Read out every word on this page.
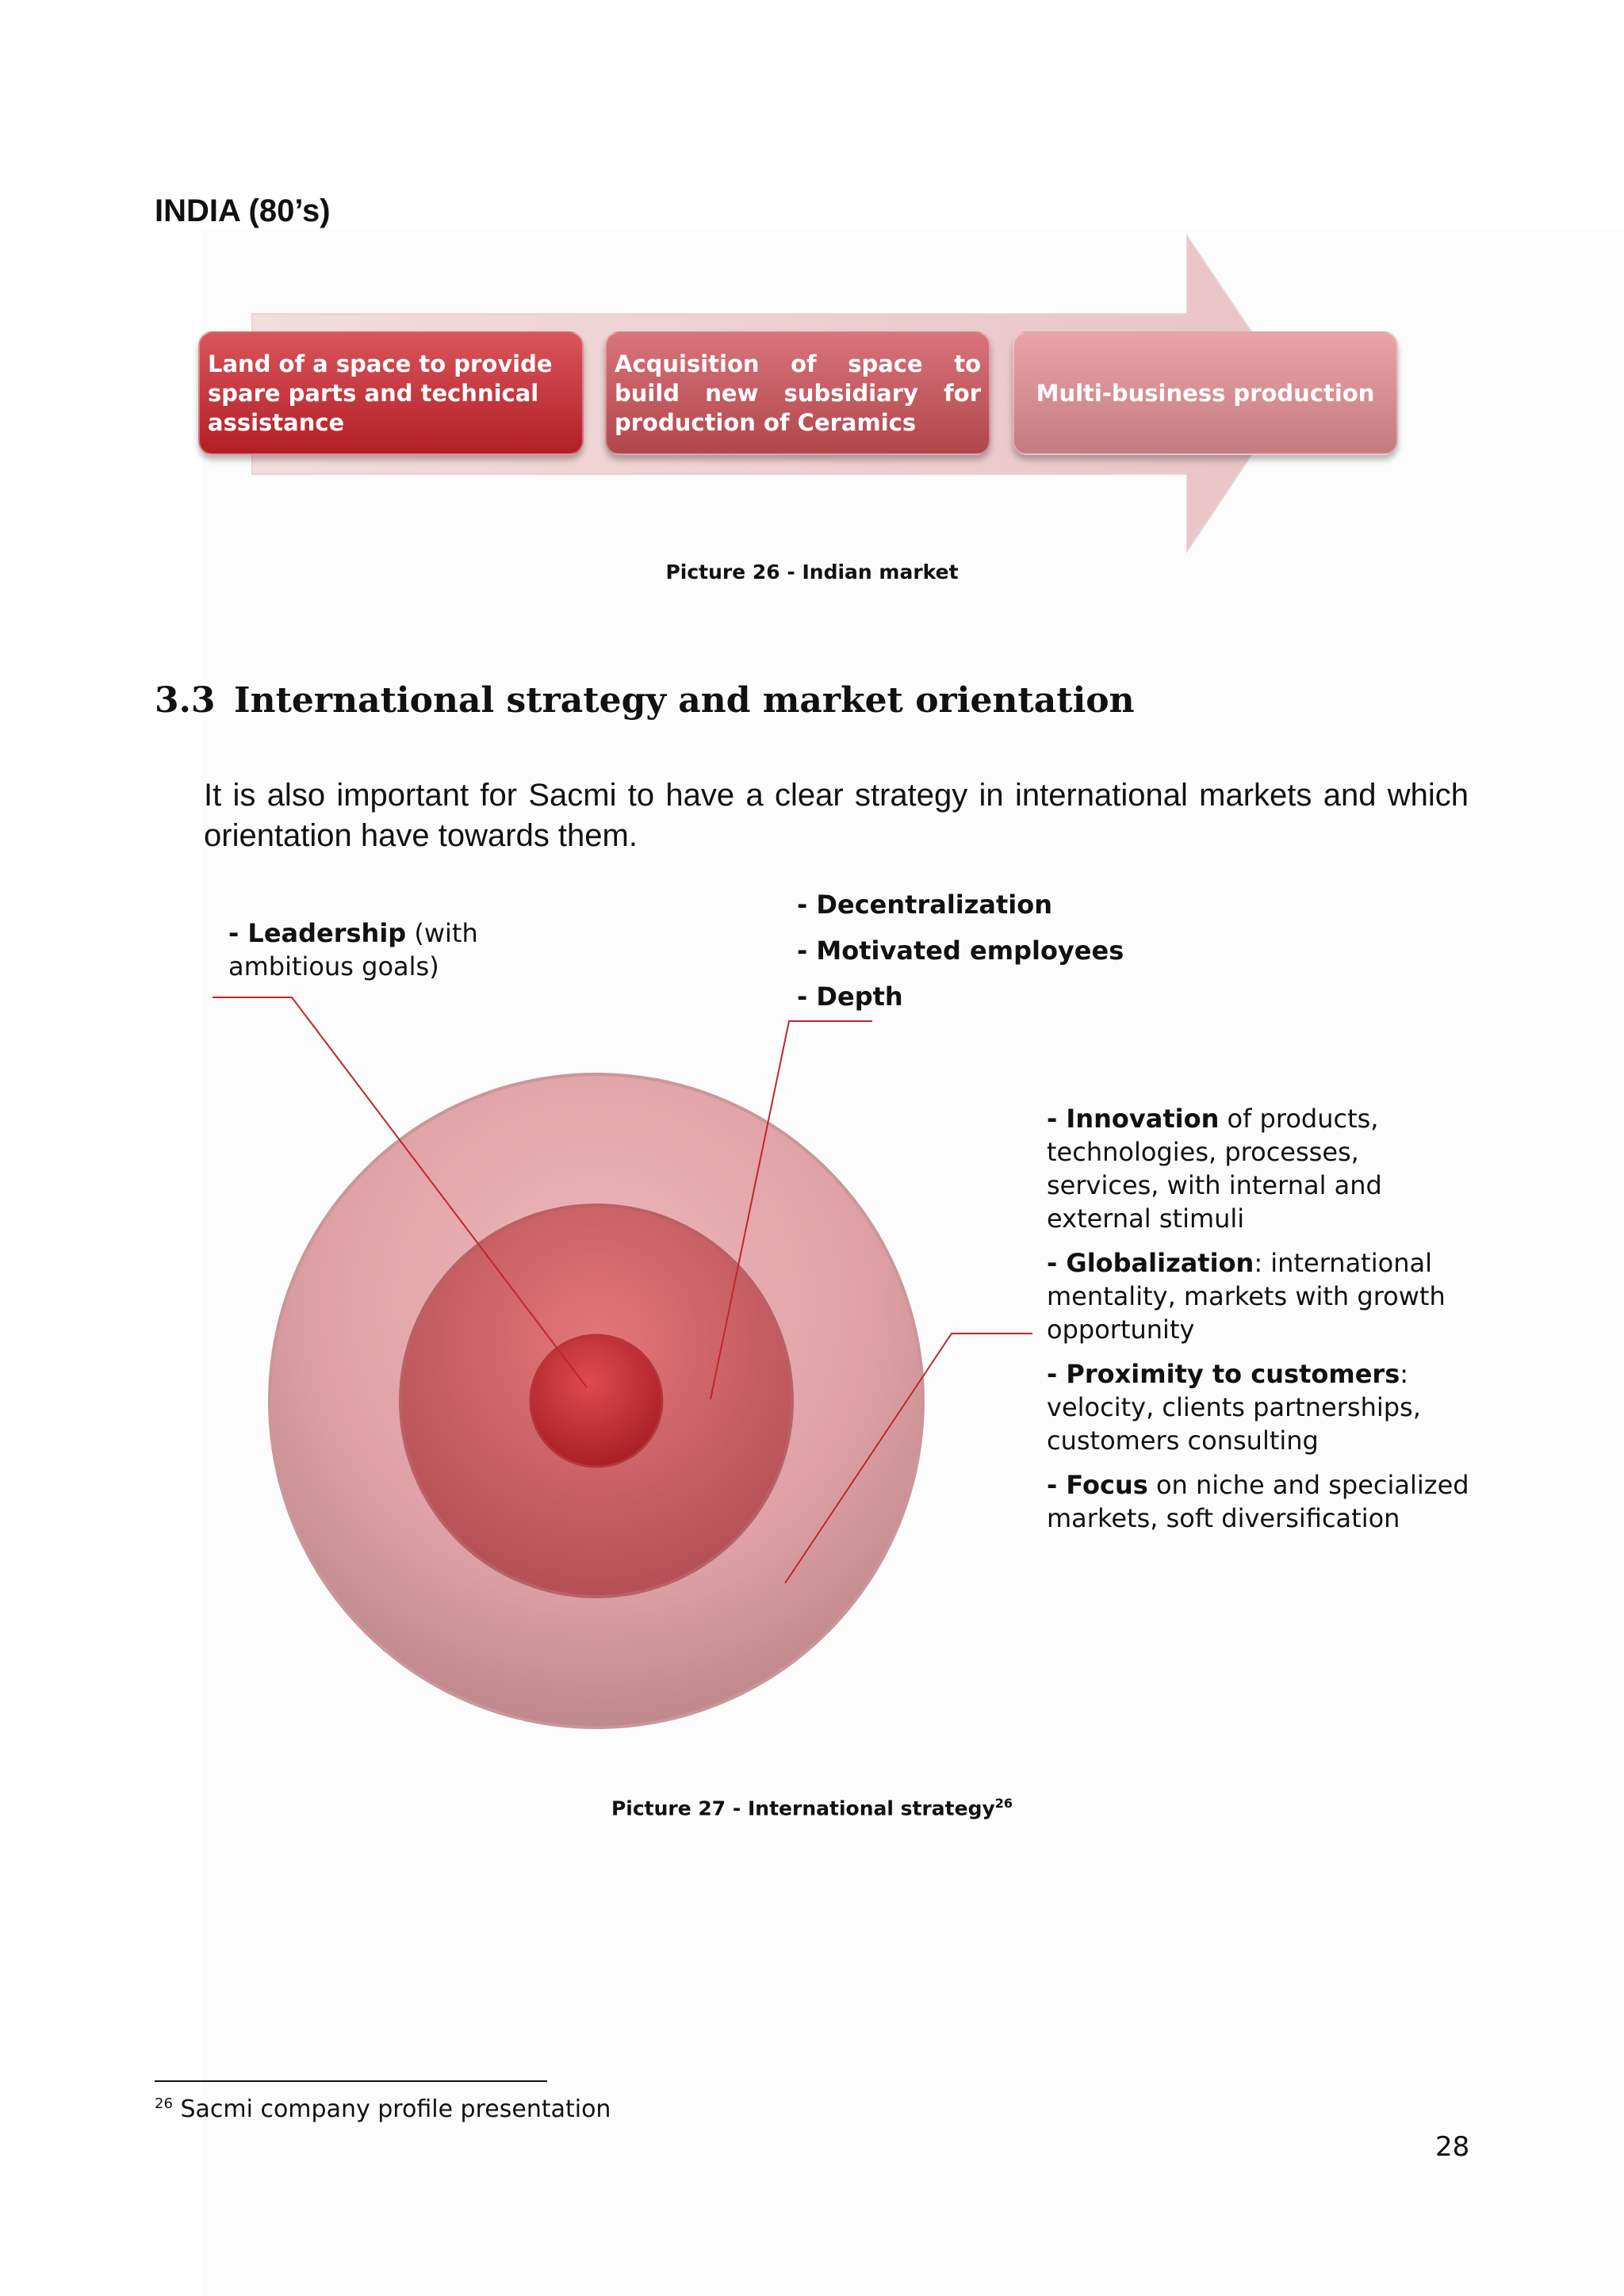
INDIA (80’s)
Land of a space to provide spare parts and technical assistance
Acquisition of space to build new subsidiary for production of Ceramics
Multi-business production
Picture 26 - Indian market
3.3 International strategy and market orientation
It is also important for Sacmi to have a clear strategy in international markets and which orientation have towards them.
- Leadership (with ambitious goals)
- Decentralization
- Motivated employees
- Depth

- Innovation of products, technologies, processes, services, with internal and external stimuli

- Globalization: international mentality, markets with growth opportunity

- Proximity to customers: velocity, clients partnerships, customers consulting

- Focus on niche and specialized markets, soft diversification

Picture 27 - International strategy$^{26}$
$^{26}$ Sacmi company profile presentation
28
